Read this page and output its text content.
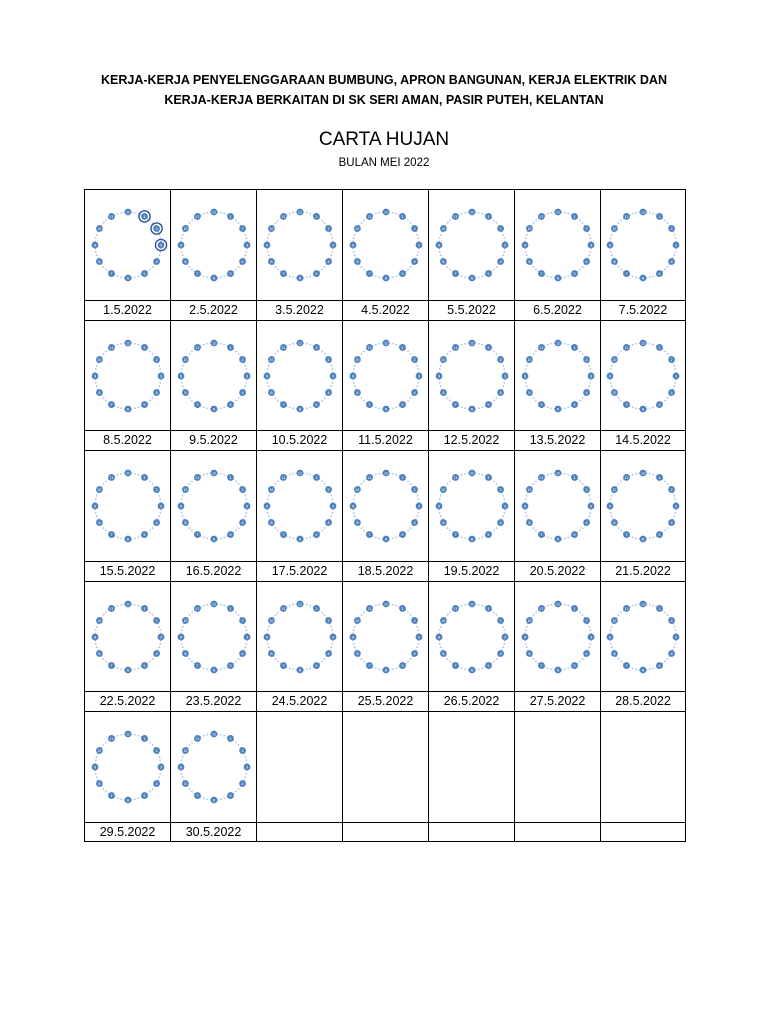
KERJA-KERJA PENYELENGGARAAN BUMBUNG, APRON BANGUNAN, KERJA ELEKTRIK DAN
KERJA-KERJA BERKAITAN DI SK SERI AMAN, PASIR PUTEH, KELANTAN
CARTA HUJAN
BULAN MEI 2022
12
1
2
3
4
5
6
7
8
9
10
11
1.5.2022
12
1
2
3
4
5
6
7
8
9
10
11
2.5.2022
12
1
2
3
4
5
6
7
8
9
10
11
3.5.2022
12
1
2
3
4
5
6
7
8
9
10
11
4.5.2022
12
1
2
3
4
5
6
7
8
9
10
11
5.5.2022
12
1
2
3
4
5
6
7
8
9
10
11
6.5.2022
12
1
2
3
4
5
6
7
8
9
10
11
7.5.2022
12
1
2
3
4
5
6
7
8
9
10
11
8.5.2022
12
1
2
3
4
5
6
7
8
9
10
11
9.5.2022
12
1
2
3
4
5
6
7
8
9
10
11
10.5.2022
12
1
2
3
4
5
6
7
8
9
10
11
11.5.2022
12
1
2
3
4
5
6
7
8
9
10
11
12.5.2022
12
1
2
3
4
5
6
7
8
9
10
11
13.5.2022
12
1
2
3
4
5
6
7
8
9
10
11
14.5.2022
12
1
2
3
4
5
6
7
8
9
10
11
15.5.2022
12
1
2
3
4
5
6
7
8
9
10
11
16.5.2022
12
1
2
3
4
5
6
7
8
9
10
11
17.5.2022
12
1
2
3
4
5
6
7
8
9
10
11
18.5.2022
12
1
2
3
4
5
6
7
8
9
10
11
19.5.2022
12
1
2
3
4
5
6
7
8
9
10
11
20.5.2022
12
1
2
3
4
5
6
7
8
9
10
11
21.5.2022
12
1
2
3
4
5
6
7
8
9
10
11
22.5.2022
12
1
2
3
4
5
6
7
8
9
10
11
23.5.2022
12
1
2
3
4
5
6
7
8
9
10
11
24.5.2022
12
1
2
3
4
5
6
7
8
9
10
11
25.5.2022
12
1
2
3
4
5
6
7
8
9
10
11
26.5.2022
12
1
2
3
4
5
6
7
8
9
10
11
27.5.2022
12
1
2
3
4
5
6
7
8
9
10
11
28.5.2022
12
1
2
3
4
5
6
7
8
9
10
11
29.5.2022
12
1
2
3
4
5
6
7
8
9
10
11
30.5.2022
